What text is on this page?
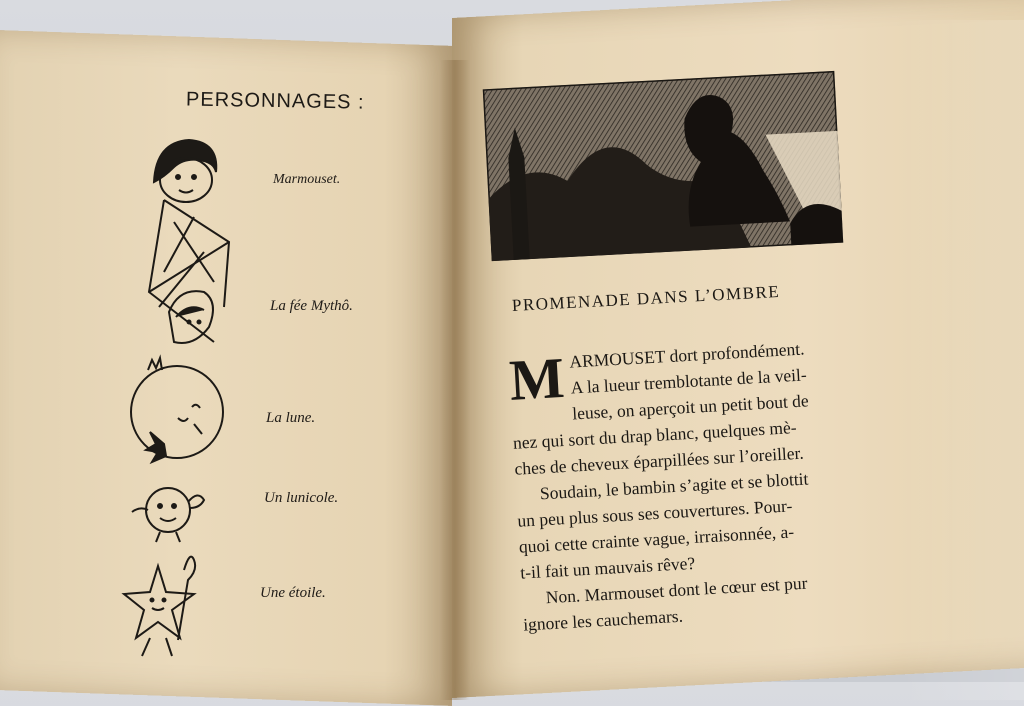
PERSONNAGES :
Marmouset.
La fée Mythô.
La lune.
Un lunicole.
Une étoile.
PROMENADE DANS L’OMBRE
M ARMOUSET dort profondément.
A la lueur tremblotante de la veil-
leuse, on aperçoit un petit bout de
nez qui sort du drap blanc, quelques mè-
ches de cheveux éparpillées sur l’oreiller.
Soudain, le bambin s’agite et se blottit
un peu plus sous ses couvertures. Pour-
quoi cette crainte vague, irraisonnée, a-
t-il fait un mauvais rêve?
Non. Marmouset dont le cœur est pur
ignore les cauchemars.
